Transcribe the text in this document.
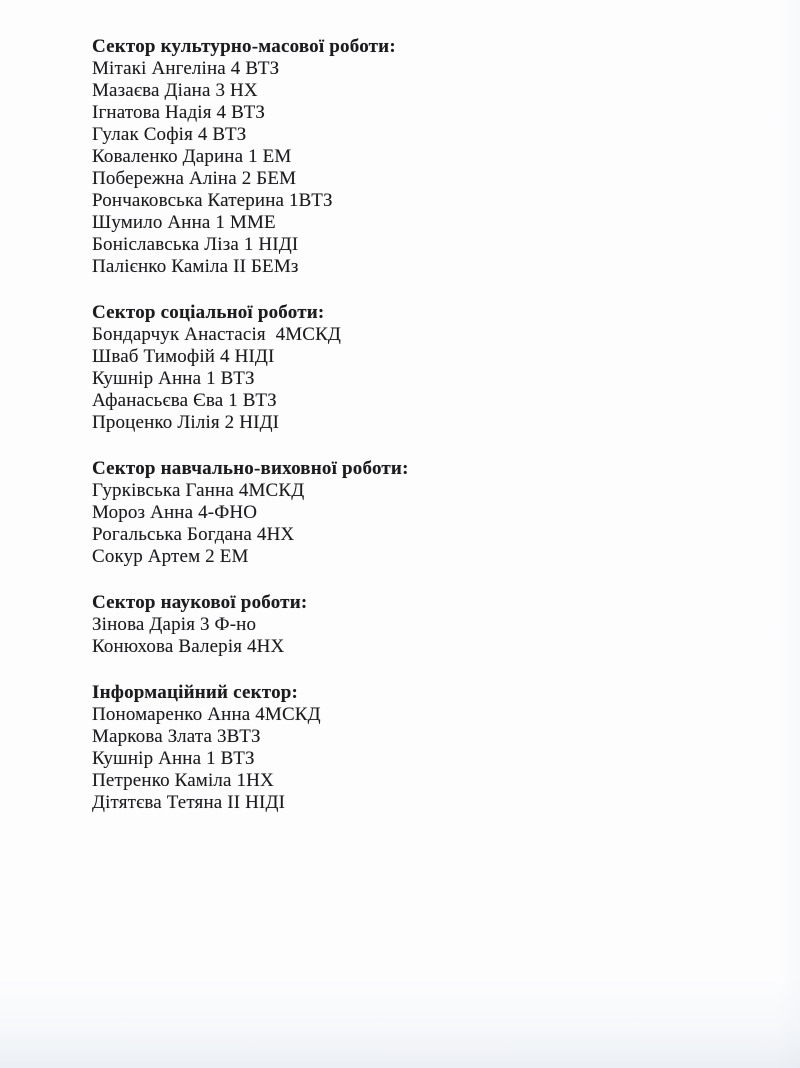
Сектор культурно-масової роботи:
Мітакі Ангеліна 4 ВТЗ
Мазаєва Діана 3 НХ
Ігнатова Надія 4 ВТЗ
Гулак Софія 4 ВТЗ
Коваленко Дарина 1 ЕМ
Побережна Аліна 2 БЕМ
Рончаковська Катерина 1ВТЗ
Шумило Анна 1 ММЕ
Боніславська Ліза 1 НІДІ
Палієнко Каміла ІІ БЕМз
Сектор соціальної роботи:
Бондарчук Анастасія  4МСКД
Шваб Тимофій 4 НІДІ
Кушнір Анна 1 ВТЗ
Афанасьєва Єва 1 ВТЗ
Проценко Лілія 2 НІДІ
Сектор навчально-виховної роботи:
Гурківська Ганна 4МСКД
Мороз Анна 4-ФНО
Рогальська Богдана 4НХ
Сокур Артем 2 ЕМ
Сектор наукової роботи:
Зінова Дарія 3 Ф-но
Конюхова Валерія 4НХ
Інформаційний сектор:
Пономаренко Анна 4МСКД
Маркова Злата 3ВТЗ
Кушнір Анна 1 ВТЗ
Петренко Каміла 1НХ
Дітятєва Тетяна ІІ НІДІ
